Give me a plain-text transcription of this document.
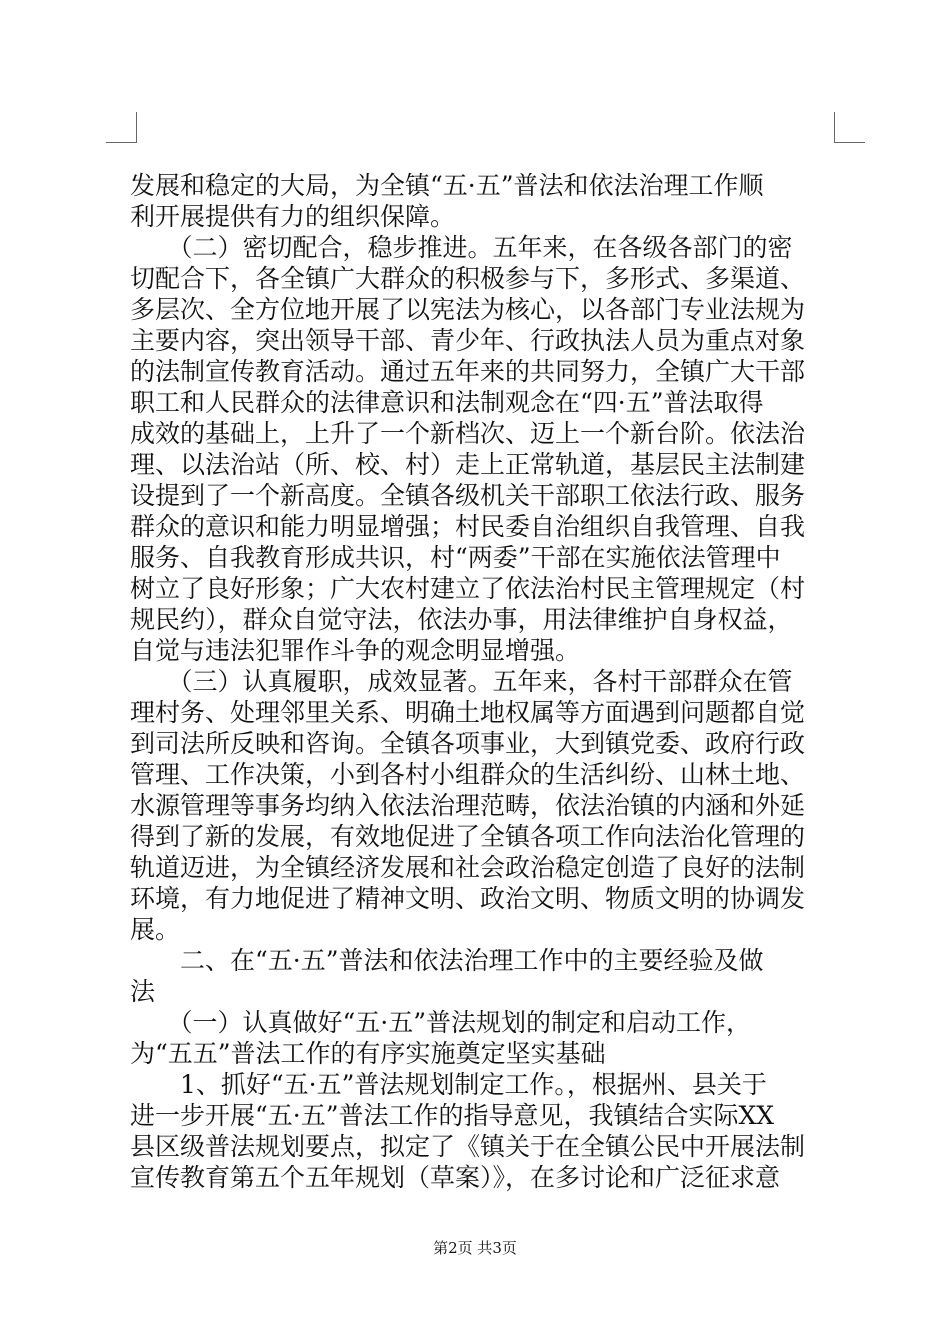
发展和稳定的大局，为全镇“五·五”普法和依法治理工作顺
利开展提供有力的组织保障。
　　（二）密切配合，稳步推进。五年来，在各级各部门的密
切配合下，各全镇广大群众的积极参与下，多形式、多渠道、
多层次、全方位地开展了以宪法为核心，以各部门专业法规为
主要内容，突出领导干部、青少年、行政执法人员为重点对象
的法制宣传教育活动。通过五年来的共同努力，全镇广大干部
职工和人民群众的法律意识和法制观念在“四·五”普法取得
成效的基础上，上升了一个新档次、迈上一个新台阶。依法治
理、以法治站（所、校、村）走上正常轨道，基层民主法制建
设提到了一个新高度。全镇各级机关干部职工依法行政、服务
群众的意识和能力明显增强；村民委自治组织自我管理、自我
服务、自我教育形成共识，村“两委”干部在实施依法管理中
树立了良好形象；广大农村建立了依法治村民主管理规定（村
规民约），群众自觉守法，依法办事，用法律维护自身权益，
自觉与违法犯罪作斗争的观念明显增强。
　　（三）认真履职，成效显著。五年来，各村干部群众在管
理村务、处理邻里关系、明确土地权属等方面遇到问题都自觉
到司法所反映和咨询。全镇各项事业，大到镇党委、政府行政
管理、工作决策，小到各村小组群众的生活纠纷、山林土地、
水源管理等事务均纳入依法治理范畴，依法治镇的内涵和外延
得到了新的发展，有效地促进了全镇各项工作向法治化管理的
轨道迈进，为全镇经济发展和社会政治稳定创造了良好的法制
环境，有力地促进了精神文明、政治文明、物质文明的协调发
展。
　　二、在“五·五”普法和依法治理工作中的主要经验及做
法
　　（一）认真做好“五·五”普法规划的制定和启动工作，
为“五五”普法工作的有序实施奠定坚实基础
　　1、抓好“五·五”普法规划制定工作。，根据州、县关于
进一步开展“五·五”普法工作的指导意见，我镇结合实际XX
县区级普法规划要点，拟定了《镇关于在全镇公民中开展法制
宣传教育第五个五年规划（草案）》，在多讨论和广泛征求意
第2页 共3页
